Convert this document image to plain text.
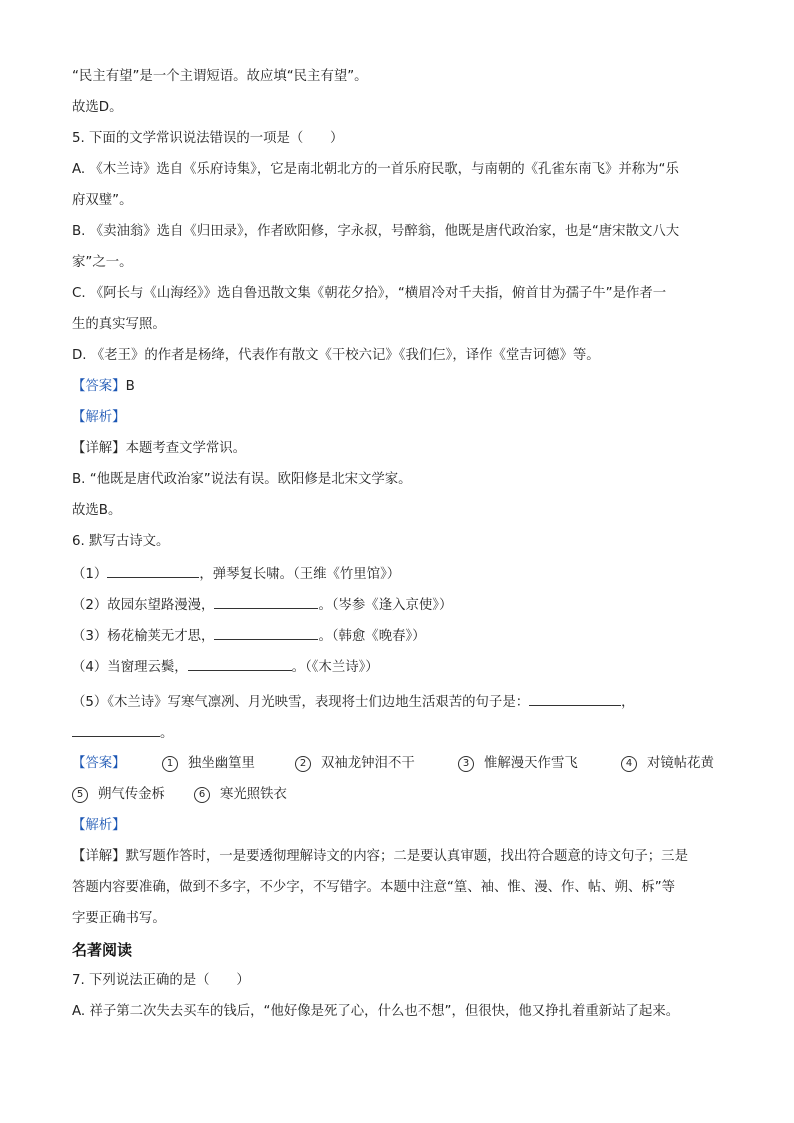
“民主有望”是一个主谓短语。故应填“民主有望”。
故选D。
5. 下面的文学常识说法错误的一项是（　　）
A. 《木兰诗》选自《乐府诗集》，它是南北朝北方的一首乐府民歌，与南朝的《孔雀东南飞》并称为“乐
府双璧”。
B. 《卖油翁》选自《归田录》，作者欧阳修，字永叔，号醉翁，他既是唐代政治家，也是“唐宋散文八大
家”之一。
C. 《阿长与《山海经》》选自鲁迅散文集《朝花夕拾》，“横眉冷对千夫指，俯首甘为孺子牛”是作者一
生的真实写照。
D. 《老王》的作者是杨绛，代表作有散文《干校六记》《我们仨》，译作《堂吉诃德》等。
【答案】B
【解析】
【详解】本题考查文学常识。
B. “他既是唐代政治家”说法有误。欧阳修是北宋文学家。
故选B。
6. 默写古诗文。
（1）	，弹琴复长啸。（王维《竹里馆》）
（2）故园东望路漫漫，	。（岑参《逢入京使》）
（3）杨花榆荚无才思，	。（韩愈《晚春》）
（4）当窗理云鬓，	。（《木兰诗》）
（5）《木兰诗》写寒气凛冽、月光映雪，表现将士们边地生活艰苦的句子是：	，
。
【答案】	1 独坐幽篁里	2 双袖龙钟泪不干	3 惟解漫天作雪飞	4 对镜帖花黄
5 朔气传金柝	6 寒光照铁衣
【解析】
【详解】默写题作答时，一是要透彻理解诗文的内容；二是要认真审题，找出符合题意的诗文句子；三是
答题内容要准确，做到不多字，不少字，不写错字。本题中注意“篁、袖、惟、漫、作、帖、朔、柝”等
字要正确书写。
名著阅读
7. 下列说法正确的是（　　）
A. 祥子第二次失去买车的钱后，“他好像是死了心，什么也不想”，但很快，他又挣扎着重新站了起来。
